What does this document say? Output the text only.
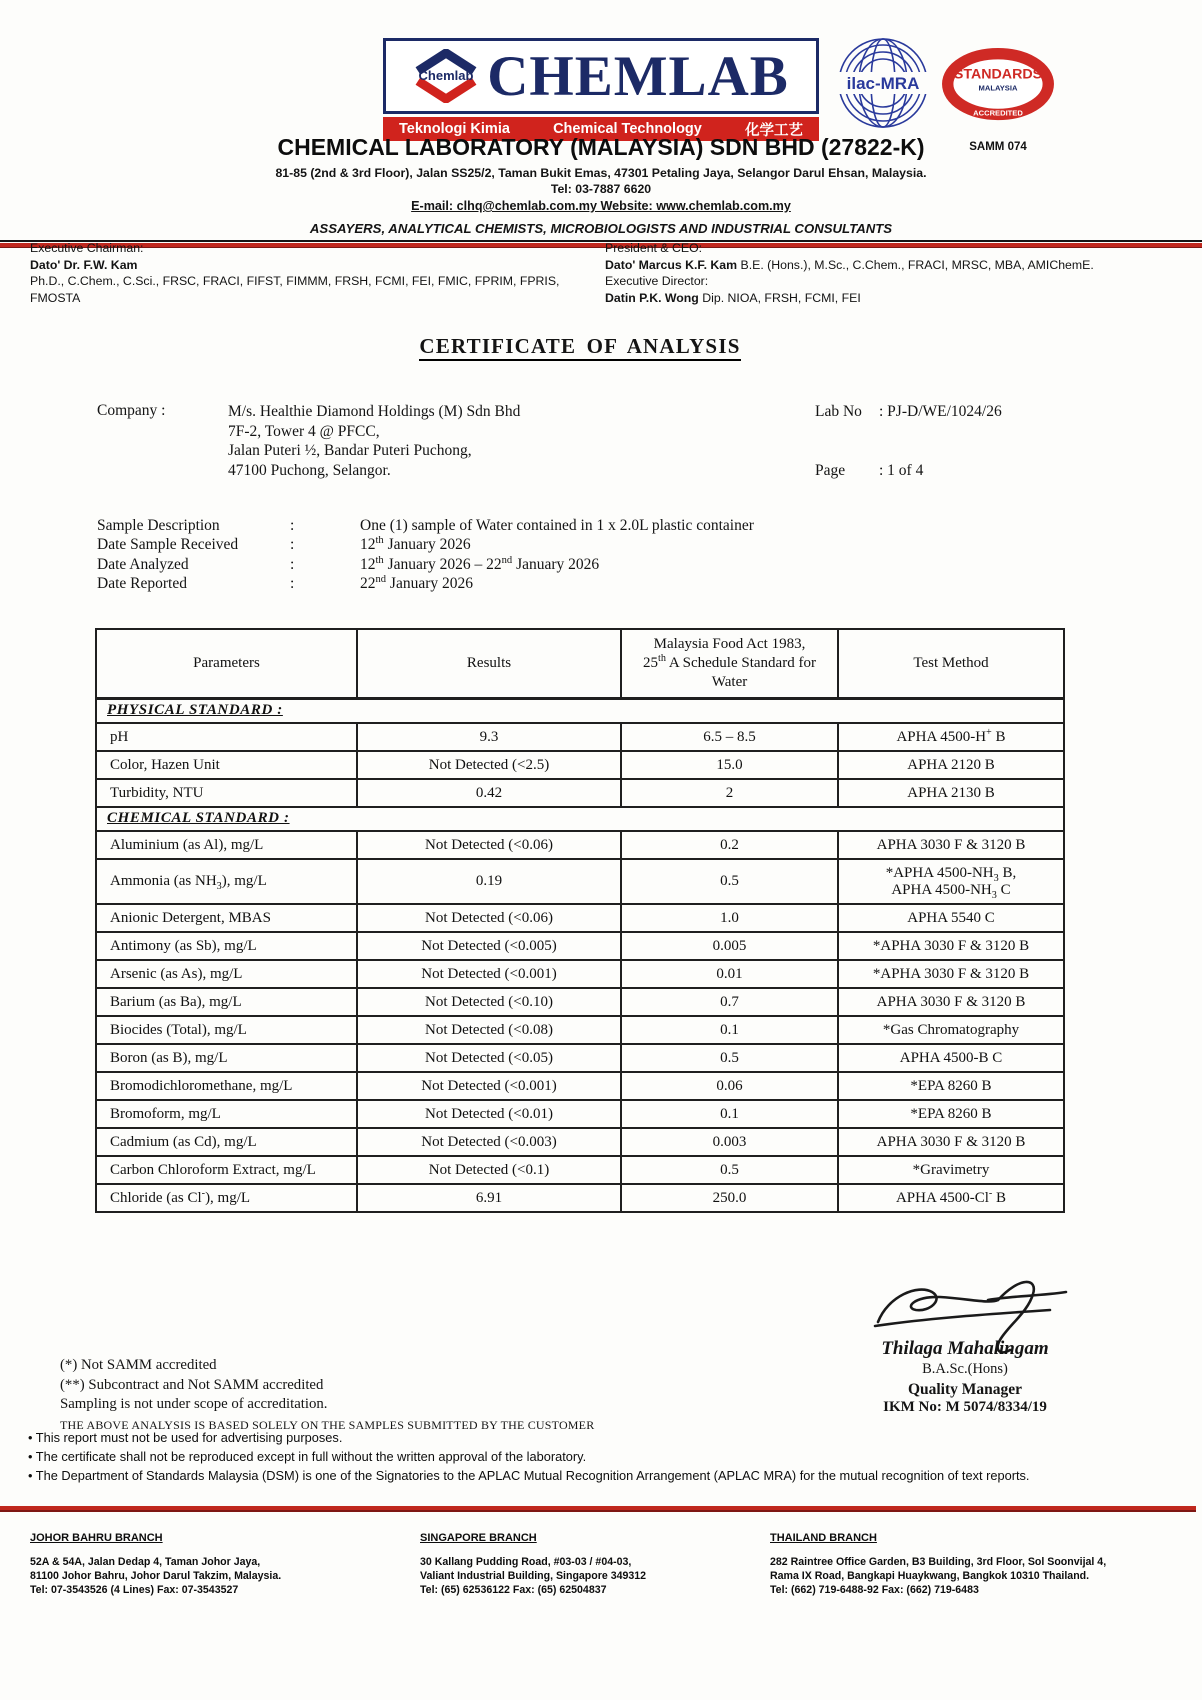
Chemlab CHEMLAB
Teknologi Kimia	Chemical Technology	化学工艺
ilac-MRA STANDARDS
MALAYSIA
ACCREDITED
SAMM 074
CHEMICAL LABORATORY (MALAYSIA) SDN BHD (27822-K)
81-85 (2nd & 3rd Floor), Jalan SS25/2, Taman Bukit Emas, 47301 Petaling Jaya, Selangor Darul Ehsan, Malaysia.
Tel: 03-7887 6620
E-mail: clhq@chemlab.com.my Website: www.chemlab.com.my
ASSAYERS, ANALYTICAL CHEMISTS, MICROBIOLOGISTS AND INDUSTRIAL CONSULTANTS
Executive Chairman:
Dato' Dr. F.W. Kam
Ph.D., C.Chem., C.Sci., FRSC, FRACI, FIFST, FIMMM, FRSH, FCMI, FEI, FMIC, FPRIM, FPRIS, FMOSTA
President & CEO:
Dato' Marcus K.F. Kam B.E. (Hons.), M.Sc., C.Chem., FRACI, MRSC, MBA, AMIChemE.
Executive Director:
Datin P.K. Wong Dip. NIOA, FRSH, FCMI, FEI
CERTIFICATE OF ANALYSIS
Company :	M/s. Healthie Diamond Holdings (M) Sdn Bhd
7F-2, Tower 4 @ PFCC,
Jalan Puteri ½, Bandar Puteri Puchong,
47100 Puchong, Selangor.
Lab No	: PJ-D/WE/1024/26
Page	: 1 of 4
Sample Description	:	One (1) sample of Water contained in 1 x 2.0L plastic container
Date Sample Received	:	12th January 2026
Date Analyzed	:	12th January 2026 – 22nd January 2026
Date Reported	:	22nd January 2026
Parameters	Results	Malaysia Food Act 1983,
25th A Schedule Standard for
Water	Test Method
PHYSICAL STANDARD :			
pH	9.3	6.5 – 8.5	APHA 4500-H+ B
Color, Hazen Unit	Not Detected (<2.5)	15.0	APHA 2120 B
Turbidity, NTU	0.42	2	APHA 2130 B
CHEMICAL STANDARD :			
Aluminium (as Al), mg/L	Not Detected (<0.06)	0.2	APHA 3030 F & 3120 B
Ammonia (as $NH_3$), mg/L	0.19	0.5	*APHA $4500-NH_3$ B,
APHA $4500-NH_3$ C
Anionic Detergent, MBAS	Not Detected (<0.06)	1.0	APHA 5540 C
Antimony (as Sb), mg/L	Not Detected (<0.005)	0.005	*APHA 3030 F & 3120 B
Arsenic (as As), mg/L	Not Detected (<0.001)	0.01	*APHA 3030 F & 3120 B
Barium (as Ba), mg/L	Not Detected (<0.10)	0.7	APHA 3030 F & 3120 B
Biocides (Total), mg/L	Not Detected (<0.08)	0.1	*Gas Chromatography
Boron (as B), mg/L	Not Detected (<0.05)	0.5	APHA 4500-B C
Bromodichloromethane, mg/L	Not Detected (<0.001)	0.06	*EPA 8260 B
Bromoform, mg/L	Not Detected (<0.01)	0.1	*EPA 8260 B
Cadmium (as Cd), mg/L	Not Detected (<0.003)	0.003	APHA 3030 F & 3120 B
Carbon Chloroform Extract, mg/L	Not Detected (<0.1)	0.5	*Gravimetry
Chloride (as Cl-), mg/L	6.91	250.0	APHA 4500-Cl- B
Thilaga Mahalingam
B.A.Sc.(Hons)
Quality Manager
IKM No: M 5074/8334/19
(*) Not SAMM accredited
(**) Subcontract and Not SAMM accredited
Sampling is not under scope of accreditation.
THE ABOVE ANALYSIS IS BASED SOLELY ON THE SAMPLES SUBMITTED BY THE CUSTOMER
• This report must not be used for advertising purposes.
• The certificate shall not be reproduced except in full without the written approval of the laboratory.
• The Department of Standards Malaysia (DSM) is one of the Signatories to the APLAC Mutual Recognition Arrangement (APLAC MRA) for the mutual recognition of text reports.
JOHOR BAHRU BRANCH
52A & 54A, Jalan Dedap 4, Taman Johor Jaya,
81100 Johor Bahru, Johor Darul Takzim, Malaysia.
Tel: 07-3543526 (4 Lines) Fax: 07-3543527
SINGAPORE BRANCH
30 Kallang Pudding Road, #03-03 / #04-03,
Valiant Industrial Building, Singapore 349312
Tel: (65) 62536122 Fax: (65) 62504837
THAILAND BRANCH
282 Raintree Office Garden, B3 Building, 3rd Floor, Sol Soonvijal 4,
Rama IX Road, Bangkapi Huaykwang, Bangkok 10310 Thailand.
Tel: (662) 719-6488-92 Fax: (662) 719-6483
